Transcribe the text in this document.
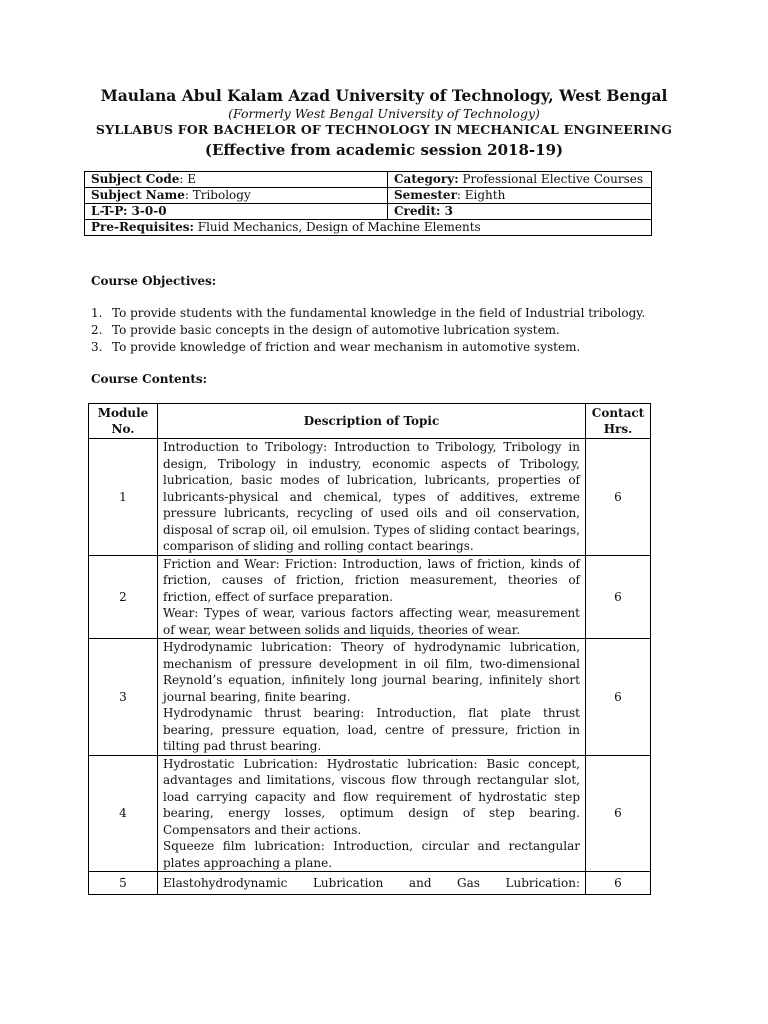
Maulana Abul Kalam Azad University of Technology, West Bengal
(Formerly West Bengal University of Technology)
SYLLABUS FOR BACHELOR OF TECHNOLOGY IN MECHANICAL ENGINEERING
(Effective from academic session 2018-19)
Subject Code: E	Category: Professional Elective Courses
Subject Name: Tribology	Semester: Eighth
L-T-P: 3-0-0	Credit: 3
Pre-Requisites: Fluid Mechanics, Design of Machine Elements	
Course Objectives:
1. To provide students with the fundamental knowledge in the field of Industrial tribology.
2. To provide basic concepts in the design of automotive lubrication system.
3. To provide knowledge of friction and wear mechanism in automotive system.
Course Contents:
Module No.	Description of Topic	Contact Hrs.
1	Introduction to Tribology: Introduction to Tribology, Tribology in design, Tribology in industry, economic aspects of Tribology, lubrication, basic modes of lubrication, lubricants, properties of lubricants-physical and chemical, types of additives, extreme pressure lubricants, recycling of used oils and oil conservation, disposal of scrap oil, oil emulsion. Types of sliding contact bearings, comparison of sliding and rolling contact bearings.	6
2	Friction and Wear: Friction: Introduction, laws of friction, kinds of friction, causes of friction, friction measurement, theories of friction, effect of surface preparation.
Wear: Types of wear, various factors affecting wear, measurement of wear, wear between solids and liquids, theories of wear.	6
3	Hydrodynamic lubrication: Theory of hydrodynamic lubrication, mechanism of pressure development in oil film, two-dimensional Reynold’s equation, infinitely long journal bearing, infinitely short journal bearing, finite bearing.
Hydrodynamic thrust bearing: Introduction, flat plate thrust bearing, pressure equation, load, centre of pressure, friction in tilting pad thrust bearing.	6
4	Hydrostatic Lubrication: Hydrostatic lubrication: Basic concept, advantages and limitations, viscous flow through rectangular slot, load carrying capacity and flow requirement of hydrostatic step bearing, energy losses, optimum design of step bearing. Compensators and their actions.
Squeeze film lubrication: Introduction, circular and rectangular plates approaching a plane.	6
5	Elastohydrodynamic Lubrication and Gas Lubrication:	6
